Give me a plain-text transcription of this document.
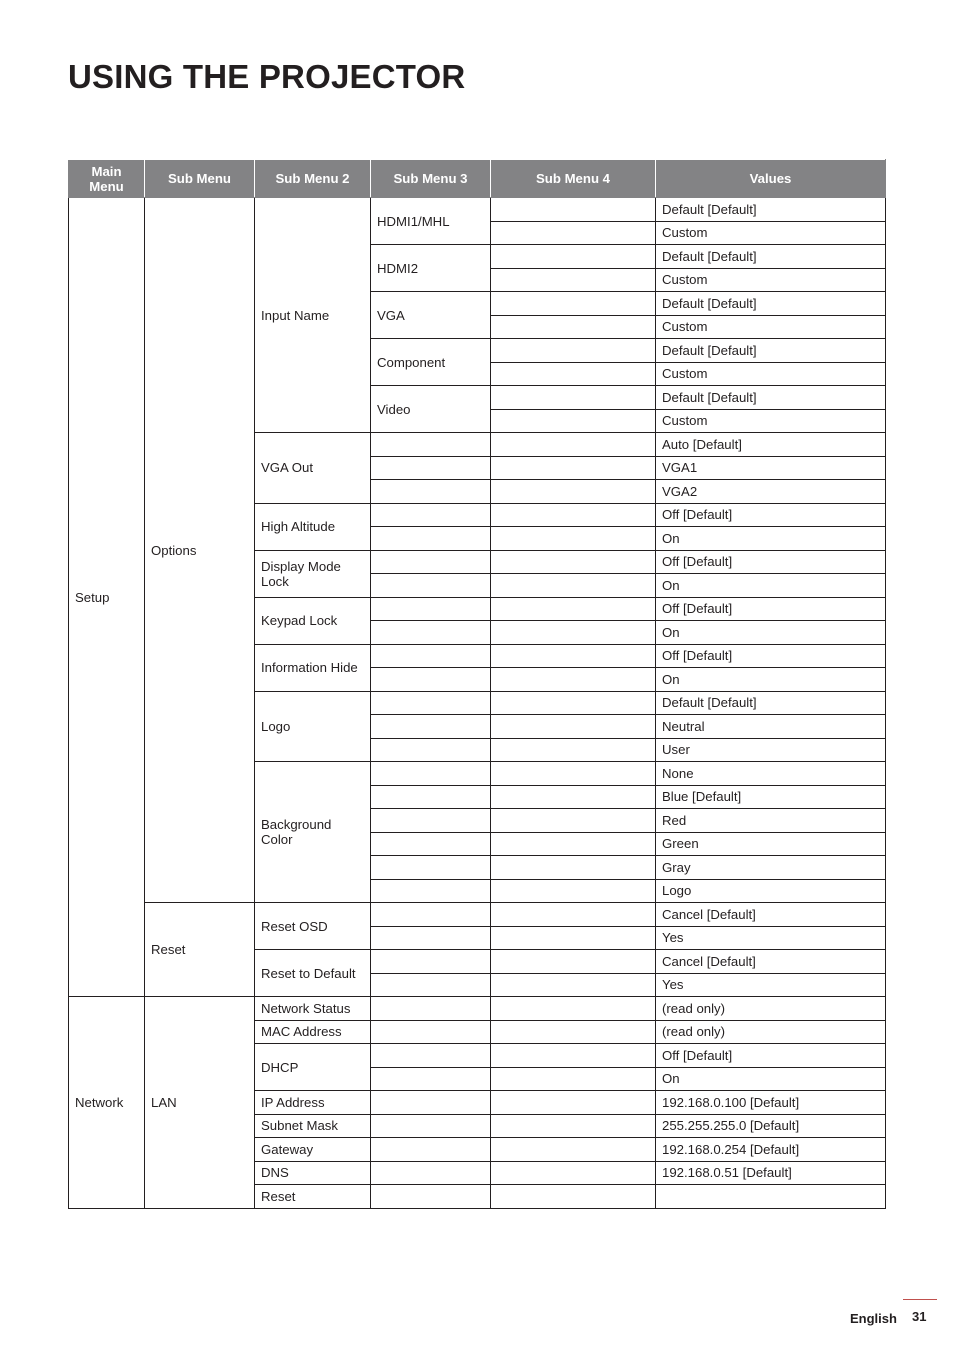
USING THE PROJECTOR
Main Menu	Sub Menu	Sub Menu 2	Sub Menu 3	Sub Menu 4	Values
Setup	Options	Input Name	HDMI1/MHL		Default [Default]
					Custom
			HDMI2		Default [Default]
					Custom
			VGA		Default [Default]
					Custom
			Component		Default [Default]
					Custom
			Video		Default [Default]
					Custom
		VGA Out			Auto [Default]
					VGA1
					VGA2
		High Altitude			Off [Default]
					On
		Display Mode Lock			Off [Default]
					On
		Keypad Lock			Off [Default]
					On
		Information Hide			Off [Default]
					On
		Logo			Default [Default]
					Neutral
					User
		Background Color			None
					Blue [Default]
					Red
					Green
					Gray
					Logo
	Reset	Reset OSD			Cancel [Default]
					Yes
		Reset to Default			Cancel [Default]
					Yes
Network	LAN	Network Status			(read only)
		MAC Address			(read only)
		DHCP			Off [Default]
					On
		IP Address			192.168.0.100 [Default]
		Subnet Mask			255.255.255.0 [Default]
		Gateway			192.168.0.254 [Default]
		DNS			192.168.0.51 [Default]
		Reset			
English 31
